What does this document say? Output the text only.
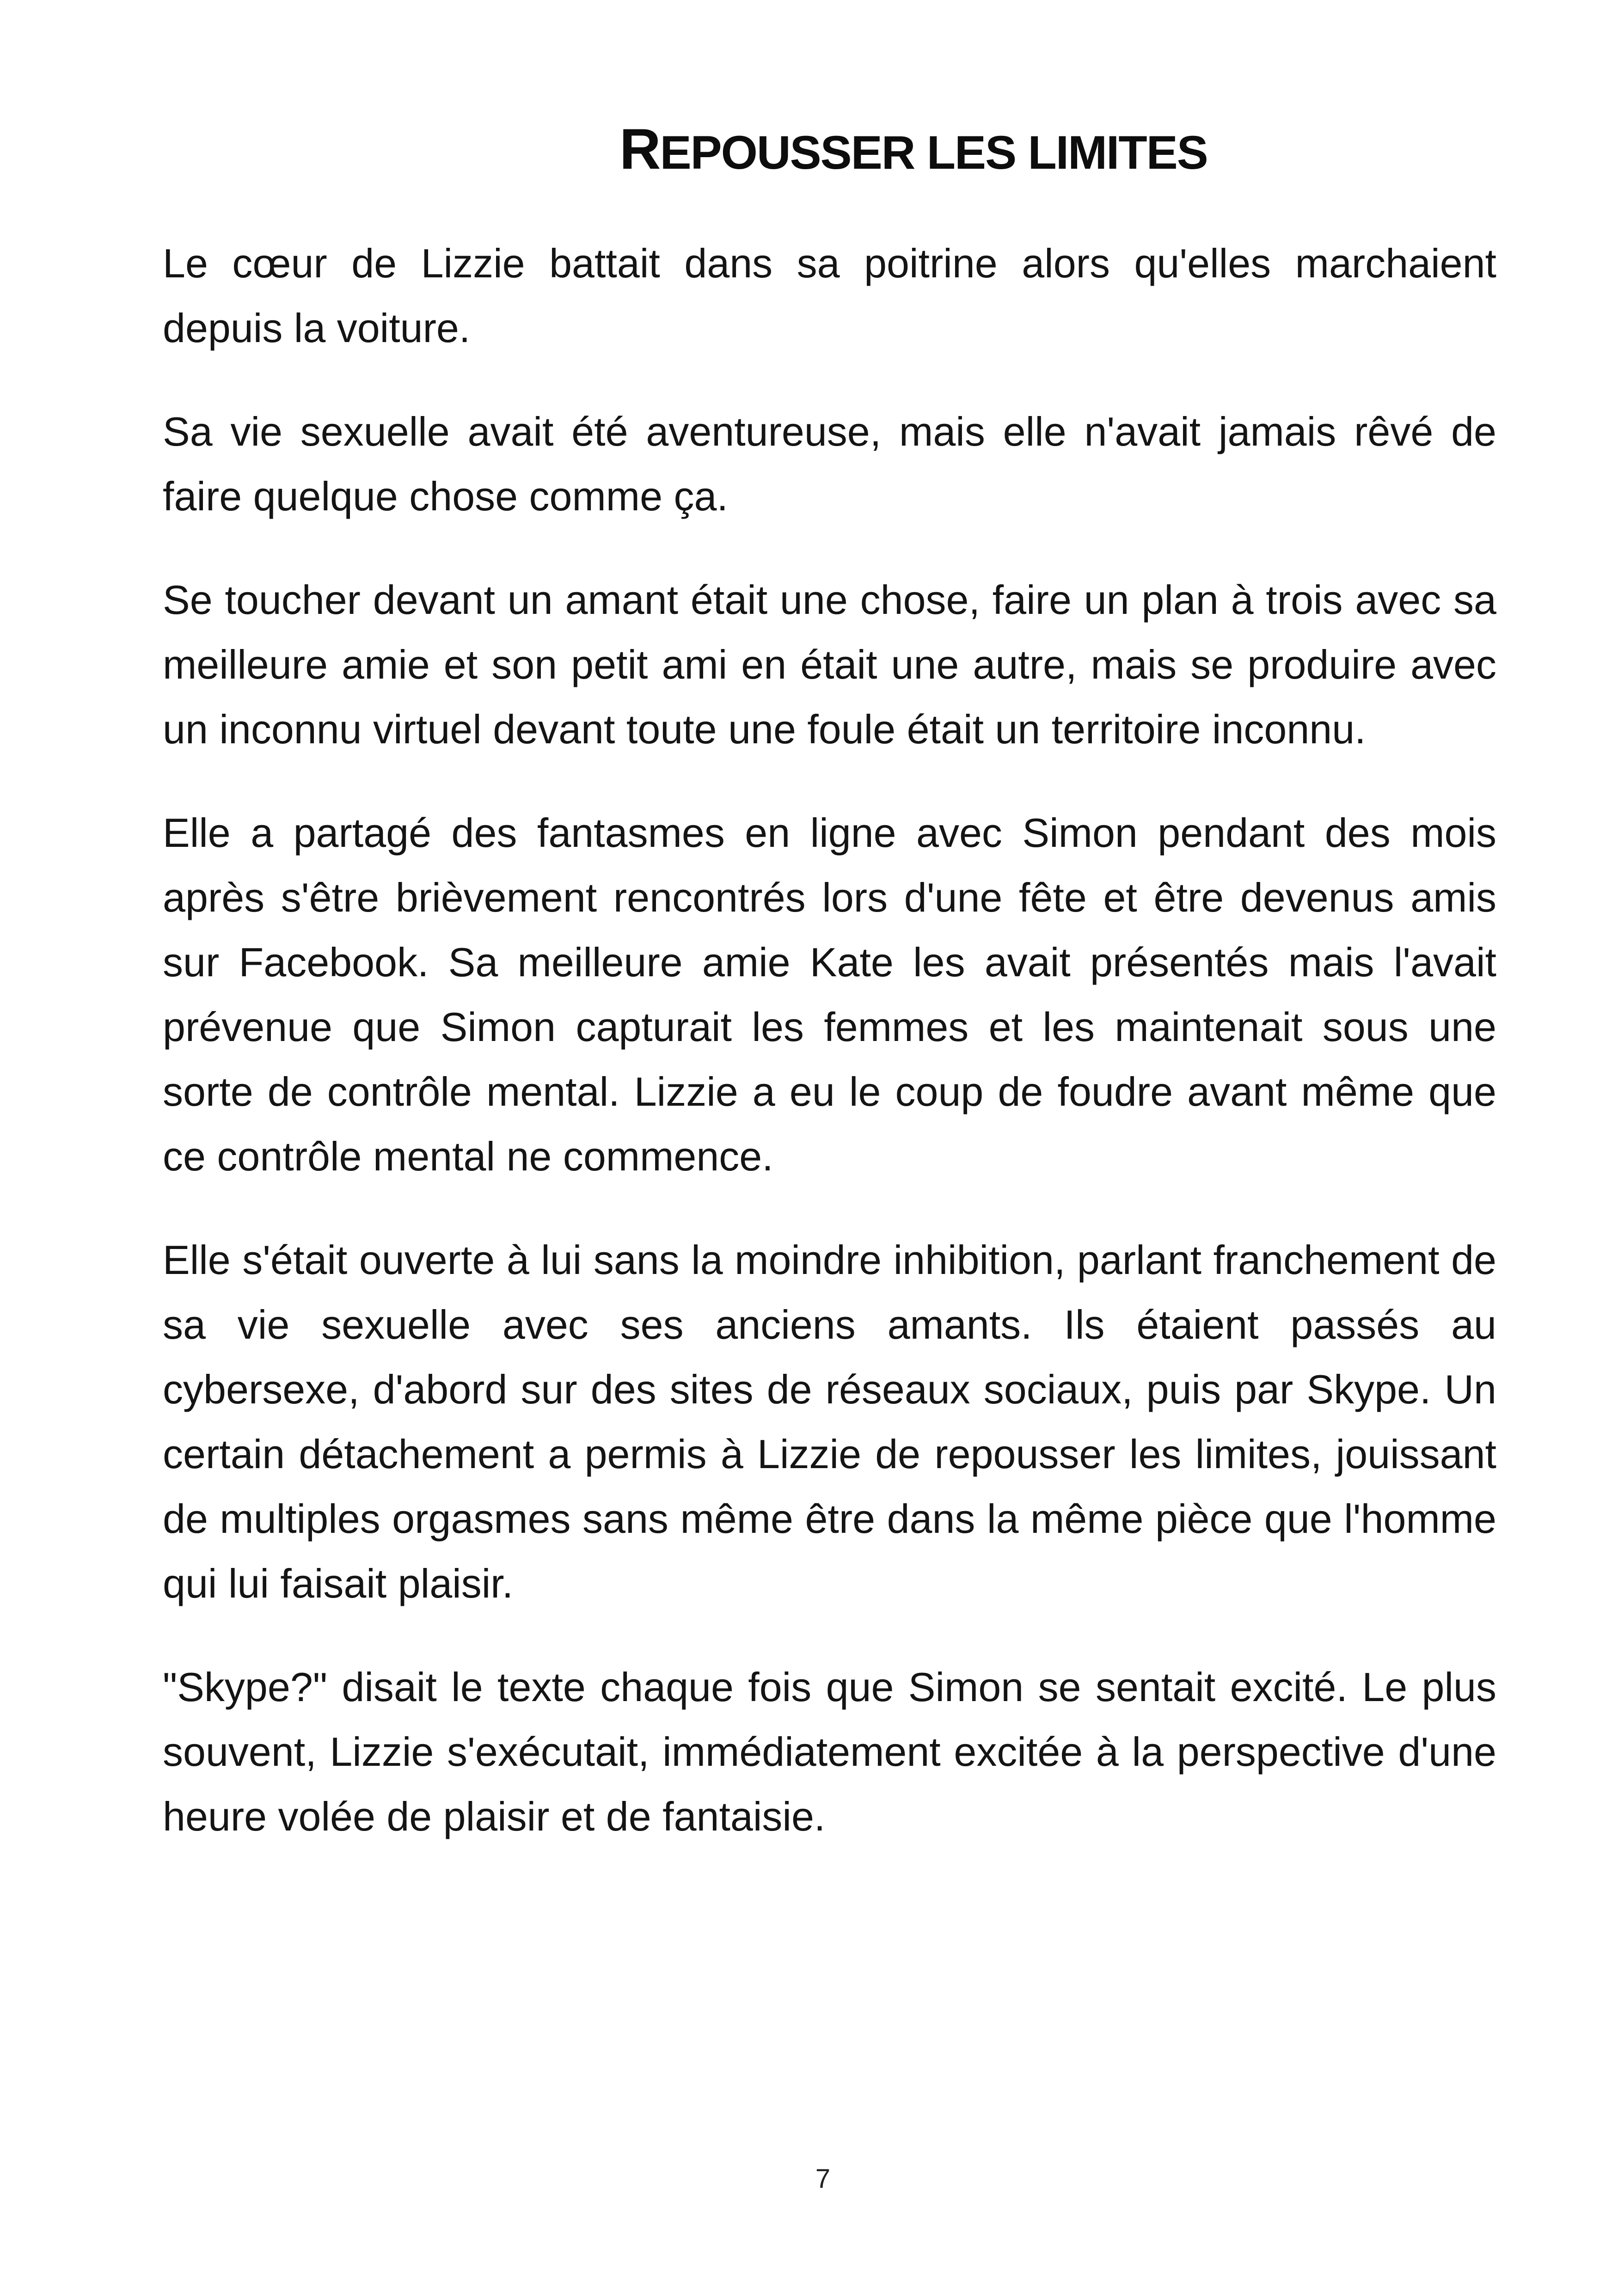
REPOUSSER LES LIMITES

Le cœur de Lizzie battait dans sa poitrine alors qu'elles marchaient depuis la voiture.

Sa vie sexuelle avait été aventureuse, mais elle n'avait jamais rêvé de faire quelque chose comme ça.

Se toucher devant un amant était une chose, faire un plan à trois avec sa meilleure amie et son petit ami en était une autre, mais se produire avec un inconnu virtuel devant toute une foule était un territoire inconnu.

Elle a partagé des fantasmes en ligne avec Simon pendant des mois après s'être brièvement rencontrés lors d'une fête et être devenus amis sur Facebook. Sa meilleure amie Kate les avait présentés mais l'avait prévenue que Simon capturait les femmes et les maintenait sous une sorte de contrôle mental. Lizzie a eu le coup de foudre avant même que ce contrôle mental ne commence.

Elle s'était ouverte à lui sans la moindre inhibition, parlant franchement de sa vie sexuelle avec ses anciens amants. Ils étaient passés au cybersexe, d'abord sur des sites de réseaux sociaux, puis par Skype. Un certain détachement a permis à Lizzie de repousser les limites, jouissant de multiples orgasmes sans même être dans la même pièce que l'homme qui lui faisait plaisir.

"Skype?" disait le texte chaque fois que Simon se sentait excité. Le plus souvent, Lizzie s'exécutait, immédiatement excitée à la perspective d'une heure volée de plaisir et de fantaisie.

7
